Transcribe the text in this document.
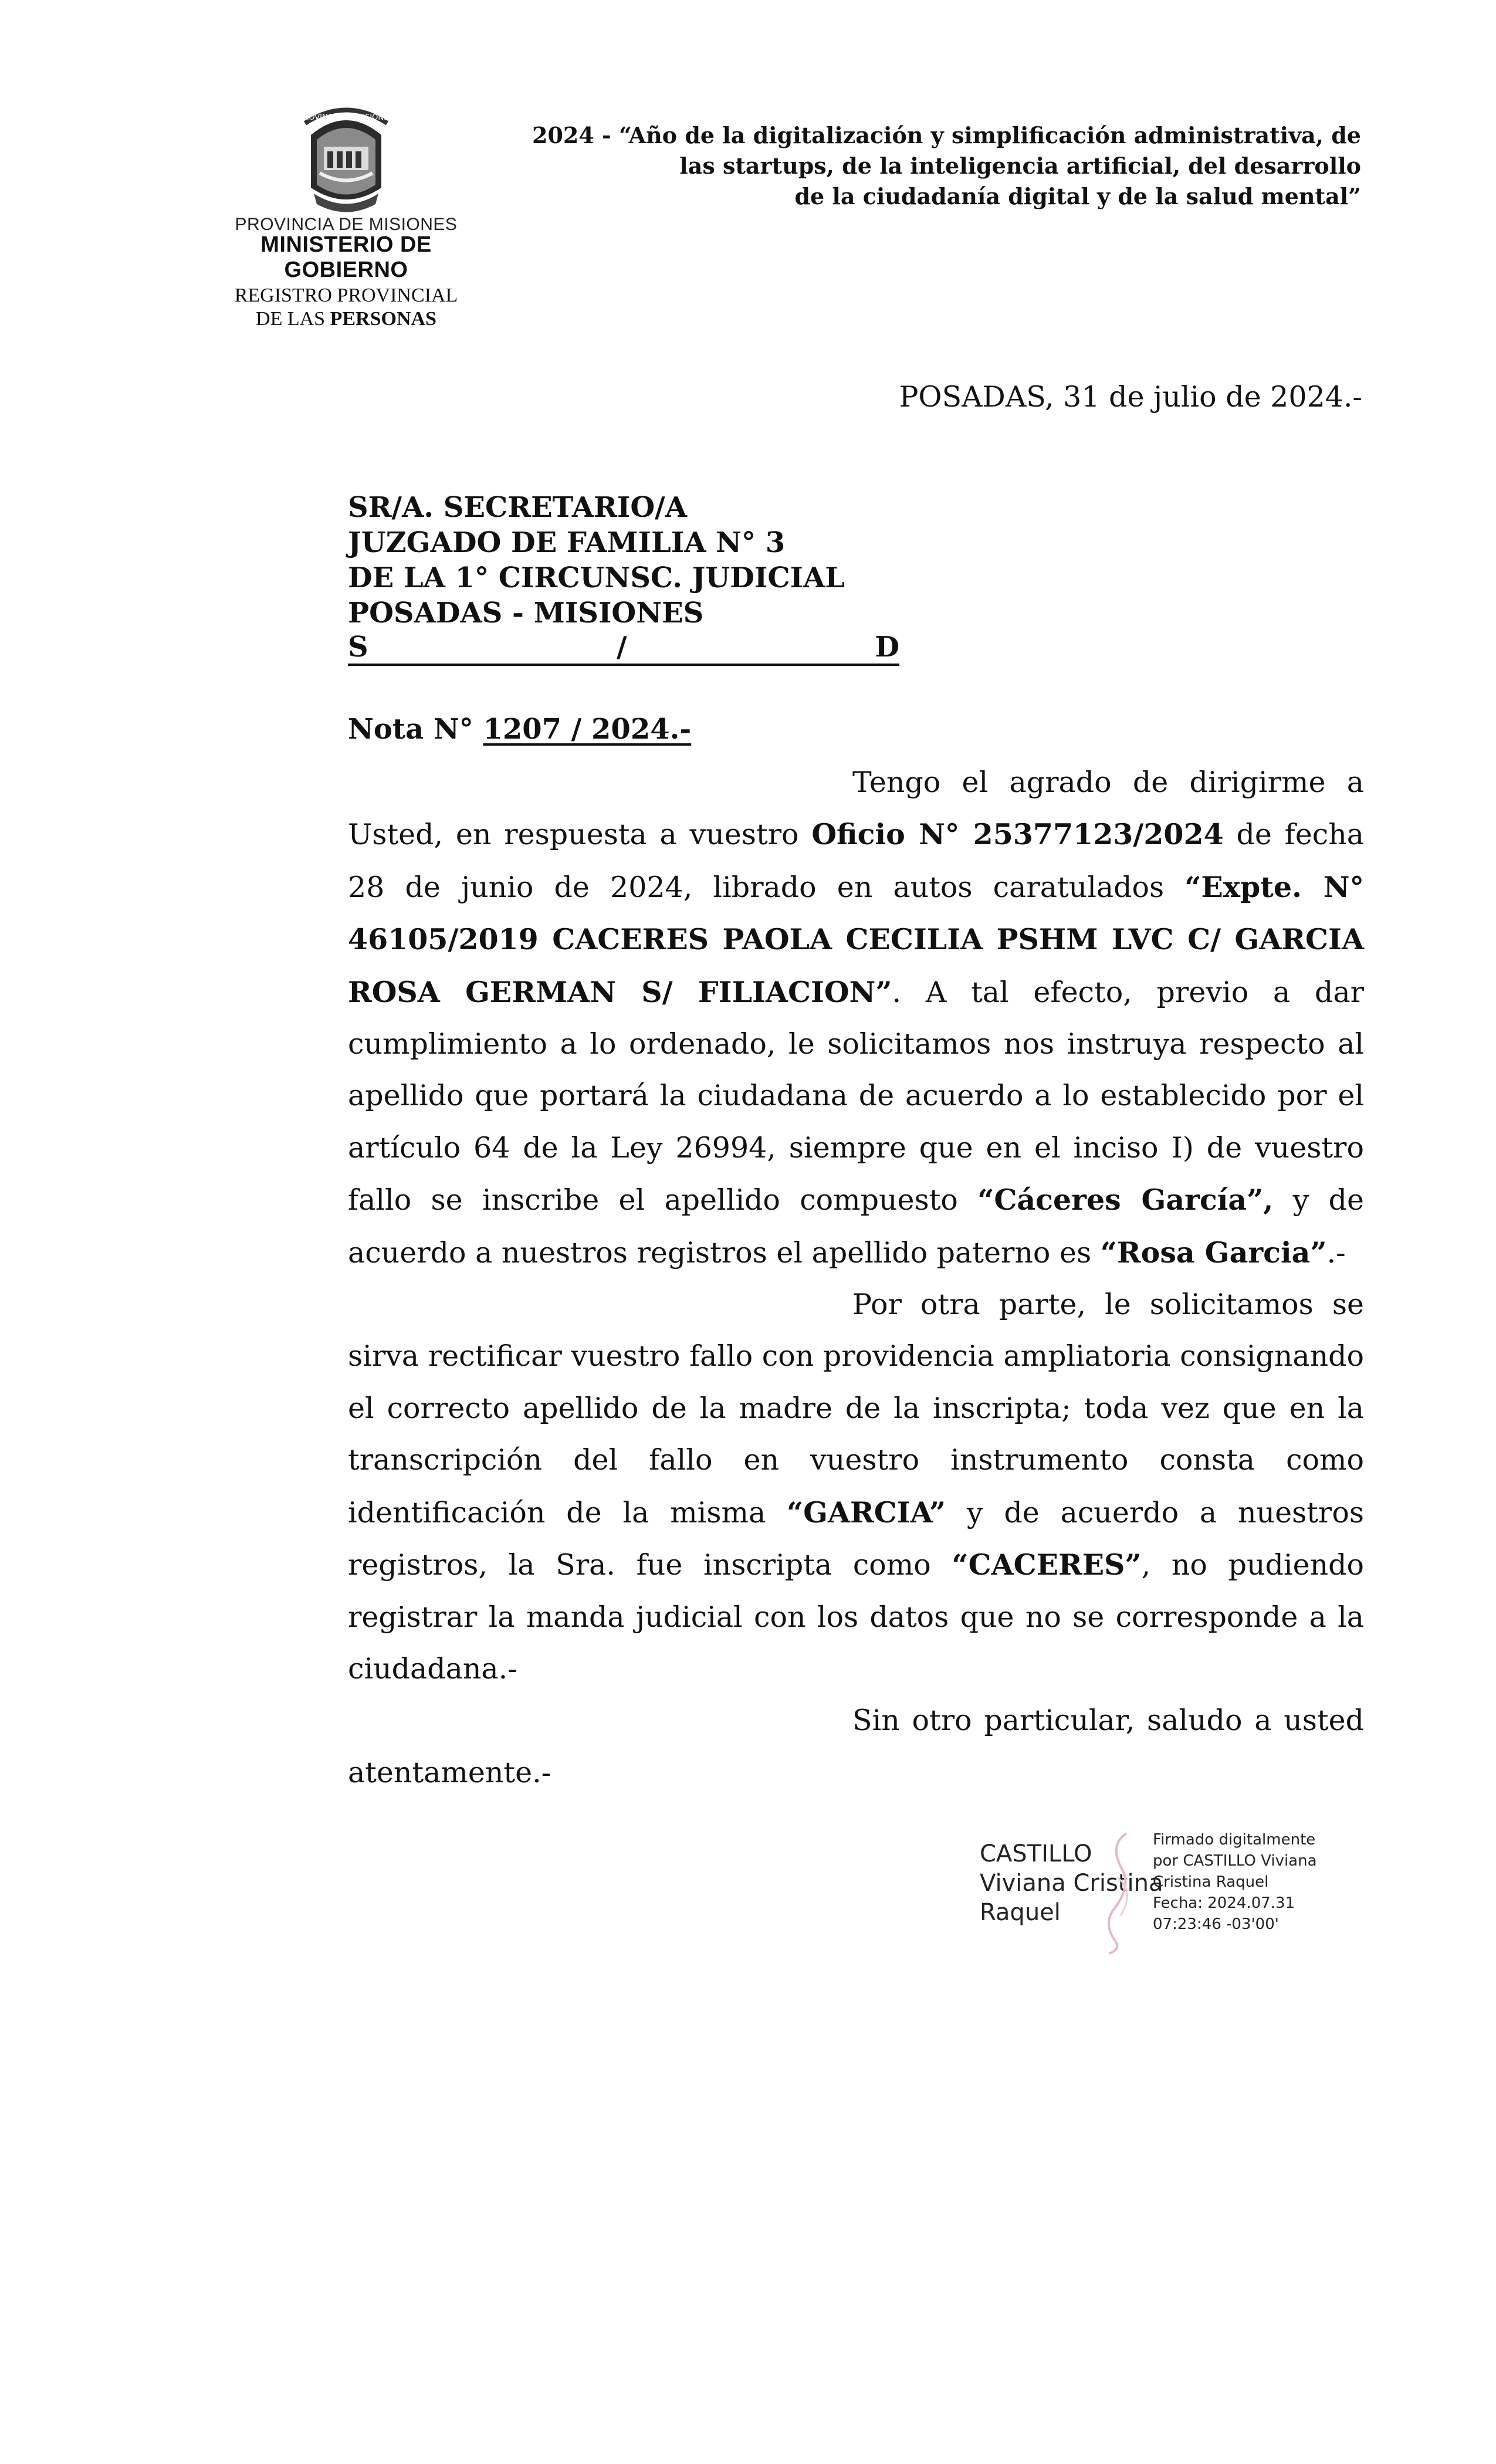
PROVINCIA DE MISIONES
PROVINCIA DE MISIONES
MINISTERIO DE GOBIERNO
REGISTRO PROVINCIAL
DE LAS PERSONAS
2024 - “Año de la digitalización y simplificación administrativa, de
las startups, de la inteligencia artificial, del desarrollo
de la ciudadanía digital y de la salud mental”
POSADAS, 31 de julio de 2024.-
SR/A. SECRETARIO/A
JUZGADO DE FAMILIA N° 3
DE LA 1° CIRCUNSC. JUDICIAL
POSADAS - MISIONES
S	/	D
Nota N° 1207 / 2024.-

Tengo el agrado de dirigirme a Usted, en respuesta a vuestro Oficio N° 25377123/2024 de fecha 28 de junio de 2024, librado en autos caratulados “Expte. N° 46105/2019 CACERES PAOLA CECILIA PSHM LVC C/ GARCIA ROSA GERMAN S/ FILIACION”. A tal efecto, previo a dar cumplimiento a lo ordenado, le solicitamos nos instruya respecto al apellido que portará la ciudadana de acuerdo a lo establecido por el artículo 64 de la Ley 26994, siempre que en el inciso I) de vuestro fallo se inscribe el apellido compuesto “Cáceres García”, y de acuerdo a nuestros registros el apellido paterno es “Rosa Garcia”.-

Por otra parte, le solicitamos se sirva rectificar vuestro fallo con providencia ampliatoria consignando el correcto apellido de la madre de la inscripta; toda vez que en la transcripción del fallo en vuestro instrumento consta como identificación de la misma “GARCIA” y de acuerdo a nuestros registros, la Sra. fue inscripta como “CACERES”, no pudiendo registrar la manda judicial con los datos que no se corresponde a la ciudadana.-

Sin otro particular, saludo a usted atentamente.-

CASTILLO
Viviana Cristina
Raquel
Firmado digitalmente
por CASTILLO Viviana
Cristina Raquel
Fecha: 2024.07.31
07:23:46 -03'00'
